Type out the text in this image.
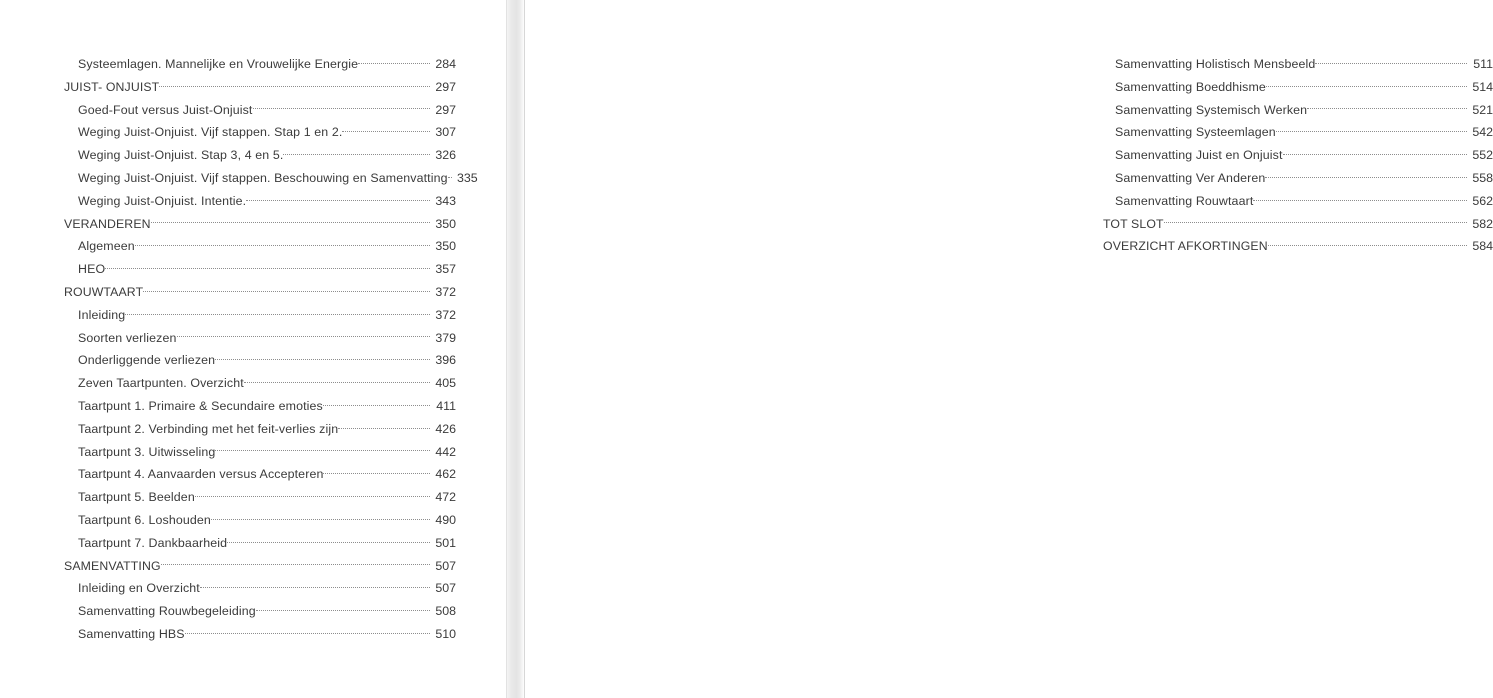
Systeemlagen. Mannelijke en Vrouwelijke Energie	284
JUIST- ONJUIST	297
Goed-Fout versus Juist-Onjuist	297
Weging Juist-Onjuist. Vijf stappen. Stap 1 en 2.	307
Weging Juist-Onjuist. Stap 3, 4 en 5.	326
Weging Juist-Onjuist. Vijf stappen. Beschouwing en Samenvatting 335
Weging Juist-Onjuist. Intentie.	343
VERANDEREN	350
Algemeen	350
HEO	357
ROUWTAART	372
Inleiding	372
Soorten verliezen	379
Onderliggende verliezen	396
Zeven Taartpunten. Overzicht	405
Taartpunt 1. Primaire & Secundaire emoties	411
Taartpunt 2. Verbinding met het feit-verlies zijn	426
Taartpunt 3. Uitwisseling	442
Taartpunt 4. Aanvaarden versus Accepteren	462
Taartpunt 5. Beelden	472
Taartpunt 6. Loshouden	490
Taartpunt 7. Dankbaarheid	501
SAMENVATTING	507
Inleiding en Overzicht	507
Samenvatting Rouwbegeleiding	508
Samenvatting HBS	510
Samenvatting Holistisch Mensbeeld	511
Samenvatting Boeddhisme	514
Samenvatting Systemisch Werken	521
Samenvatting Systeemlagen	542
Samenvatting Juist en Onjuist	552
Samenvatting Ver Anderen	558
Samenvatting Rouwtaart	562
TOT SLOT	582
OVERZICHT AFKORTINGEN	584
